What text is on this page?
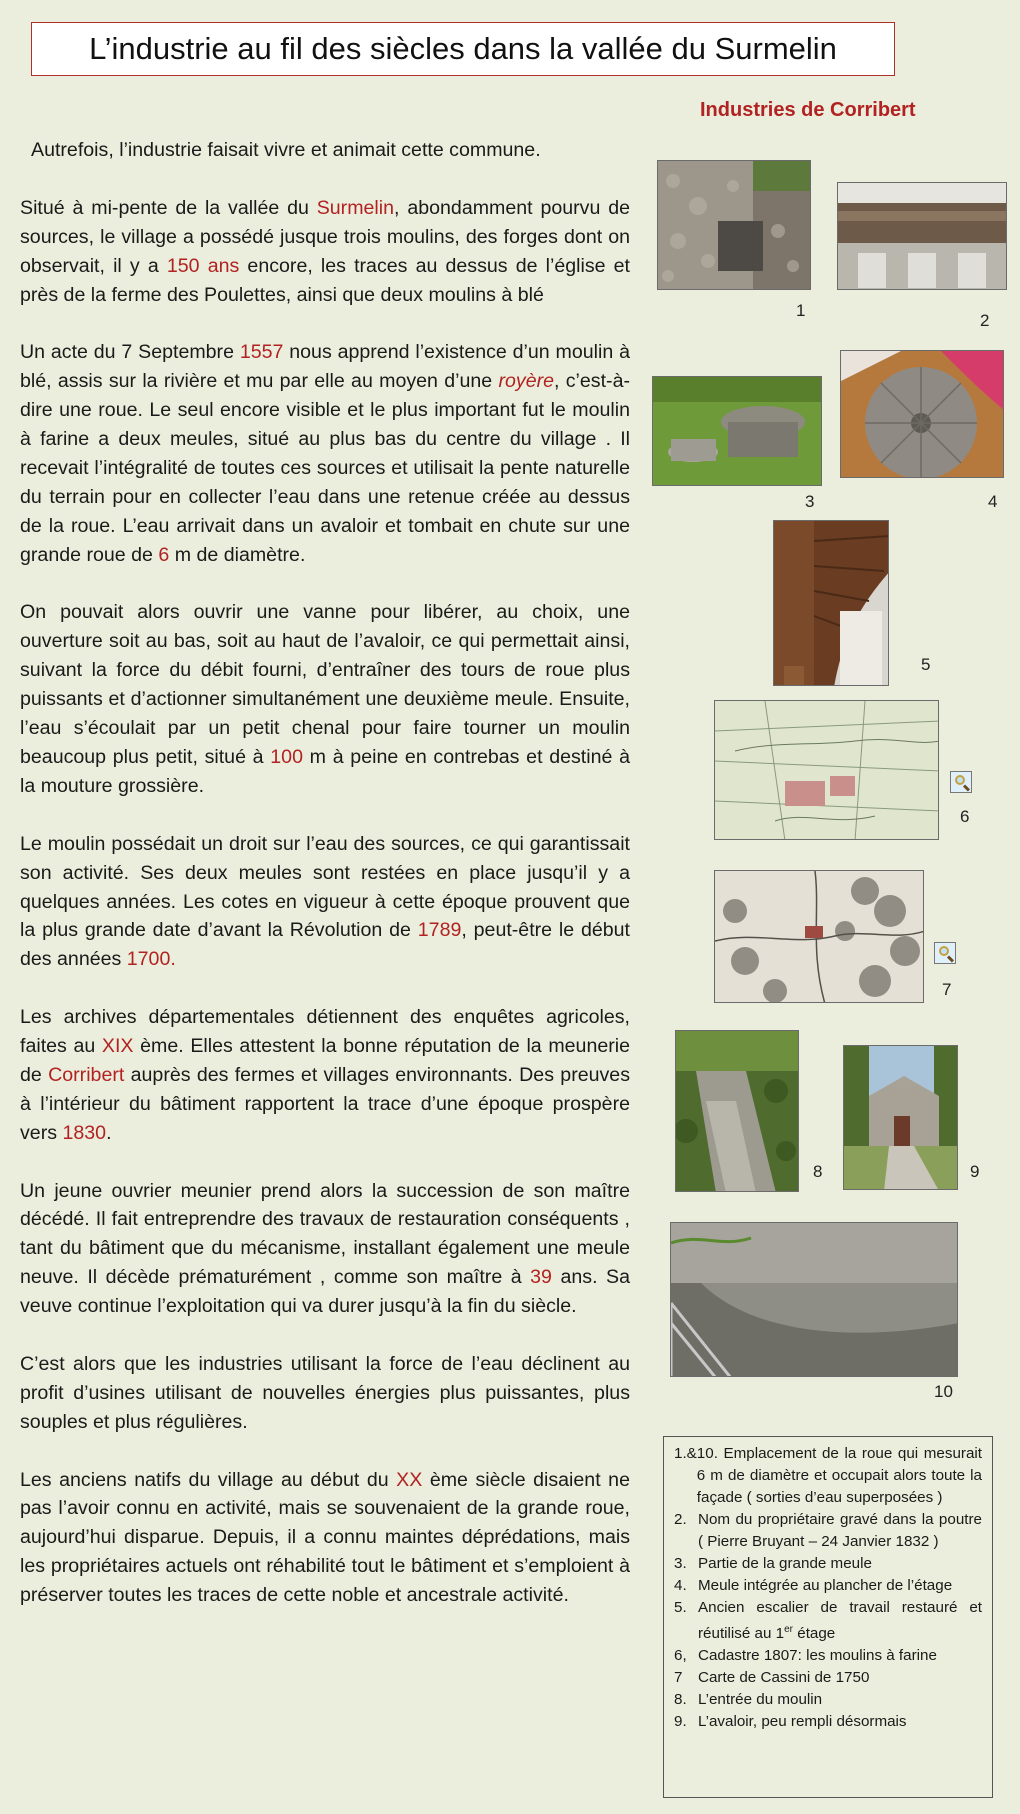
L’industrie au fil des siècles dans la vallée du Surmelin

Autrefois, l’industrie faisait vivre et animait cette commune.

Situé à mi-pente de la vallée du Surmelin, abondamment pourvu de sources, le village a possédé jusque trois moulins, des forges dont on observait, il y a 150 ans encore, les traces au dessus de l’église et près de la ferme des Poulettes, ainsi que deux moulins à blé

Un acte du 7 Septembre 1557 nous apprend l’existence d’un moulin à blé, assis sur la rivière et mu par elle au moyen d’une royère, c’est-à-dire une roue. Le seul encore visible et le plus important fut le moulin à farine a deux meules, situé au plus bas du centre du village . Il recevait l’intégralité de toutes ces sources et utilisait la pente naturelle du terrain pour en collecter l’eau dans une retenue créée au dessus de la roue. L’eau arrivait dans un avaloir et tombait en chute sur une grande roue de 6 m de diamètre.

On pouvait alors ouvrir une vanne pour libérer, au choix, une ouverture soit au bas, soit au haut de l’avaloir, ce qui permettait ainsi, suivant la force du débit fourni, d’entraîner des tours de roue plus puissants et d’actionner simultanément une deuxième meule. Ensuite, l’eau s’écoulait par un petit chenal pour faire tourner un moulin beaucoup plus petit, situé à 100 m à peine en contrebas et destiné à la mouture grossière.

Le moulin possédait un droit sur l’eau des sources, ce qui garantissait son activité. Ses deux meules sont restées en place jusqu’il y a quelques années. Les cotes en vigueur à cette époque prouvent que la plus grande date d’avant la Révolution de 1789, peut-être le début des années 1700.

Les archives départementales détiennent des enquêtes agricoles, faites au XIX ème. Elles attestent la bonne réputation de la meunerie de Corribert auprès des fermes et villages environnants. Des preuves à l’intérieur du bâtiment rapportent la trace d’une époque prospère vers 1830.

Un jeune ouvrier meunier prend alors la succession de son maître décédé. Il fait entreprendre des travaux de restauration conséquents , tant du bâtiment que du mécanisme, installant également une meule neuve. Il décède prématurément , comme son maître à 39 ans. Sa veuve continue l’exploitation qui va durer jusqu’à la fin du siècle.

C’est alors que les industries utilisant la force de l’eau déclinent au profit d’usines utilisant de nouvelles énergies plus puissantes, plus souples et plus régulières.

Les anciens natifs du village au début du XX ème siècle disaient ne pas l’avoir connu en activité, mais se souvenaient de la grande roue, aujourd’hui disparue. Depuis, il a connu maintes déprédations, mais les propriétaires actuels ont réhabilité tout le bâtiment et s’emploient à préserver toutes les traces de cette noble et ancestrale activité.

Industries de Corribert
1
2
3	4
5
6
7
8	9
10
1.& 10. Emplacement de la roue qui mesurait 6 m de diamètre et occupait alors toute la façade ( sorties d’eau superposées )
2. Nom du propriétaire gravé dans la poutre ( Pierre Bruyant – 24 Janvier 1832 )
3. Partie de la grande meule
4. Meule intégrée au plancher de l’étage
5. Ancien escalier de travail restauré et réutilisé au 1er étage
6, Cadastre 1807: les moulins à farine
7	Carte de Cassini de 1750
8. L’entrée du moulin
9. L’avaloir, peu rempli désormais
